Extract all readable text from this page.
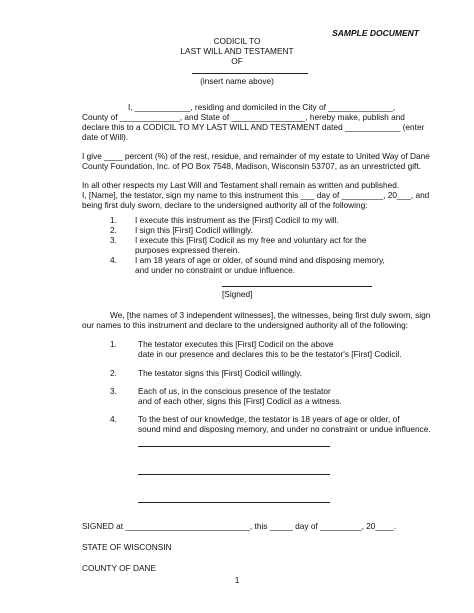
SAMPLE DOCUMENT
CODICIL TO
LAST WILL AND TESTAMENT
OF
(insert name above)
I, ____________, residing and domiciled in the City of ______________,
County of _____________, and State of ________________, hereby make, publish and
declare this to a CODICIL TO MY LAST WILL AND TESTAMENT dated ____________ (enter
date of Will).
I give ____ percent (%) of the rest, residue, and remainder of my estate to United Way of Dane
County Foundation, Inc. of PO Box 7548, Madison, Wisconsin 53707, as an unrestricted gift.
In all other respects my Last Will and Testament shall remain as written and published.
I, [Name], the testator, sign my name to this instrument this ___ day of _________, 20___, and
being first duly sworn, declare to the undersigned authority all of the following:
1.	I execute this instrument as the [First] Codicil to my will.
2.	I sign this [First] Codicil willingly.
3.	I execute this [First] Codicil as my free and voluntary act for the purposes expressed therein.
4.	I am 18 years of age or older, of sound mind and disposing memory, and under no constraint or undue influence.
[Signed]
We, [the names of 3 independent witnesses], the witnesses, being first duly sworn, sign
our names to this instrument and declare to the undersigned authority all of the following:
1.	The testator executes this [First] Codicil on the above
date in our presence and declares this to be the testator's [First] Codicil.
2.	The testator signs this [First] Codicil willingly.
3.	Each of us, in the conscious presence of the testator
and of each other, signs this [First] Codicil as a witness.
4.	To the best of our knowledge, the testator is 18 years of age or older, of
sound mind and disposing memory, and under no constraint or undue influence.
SIGNED at ___________________________, this _____ day of _________, 20____.
STATE OF WISCONSIN
COUNTY OF DANE
1
